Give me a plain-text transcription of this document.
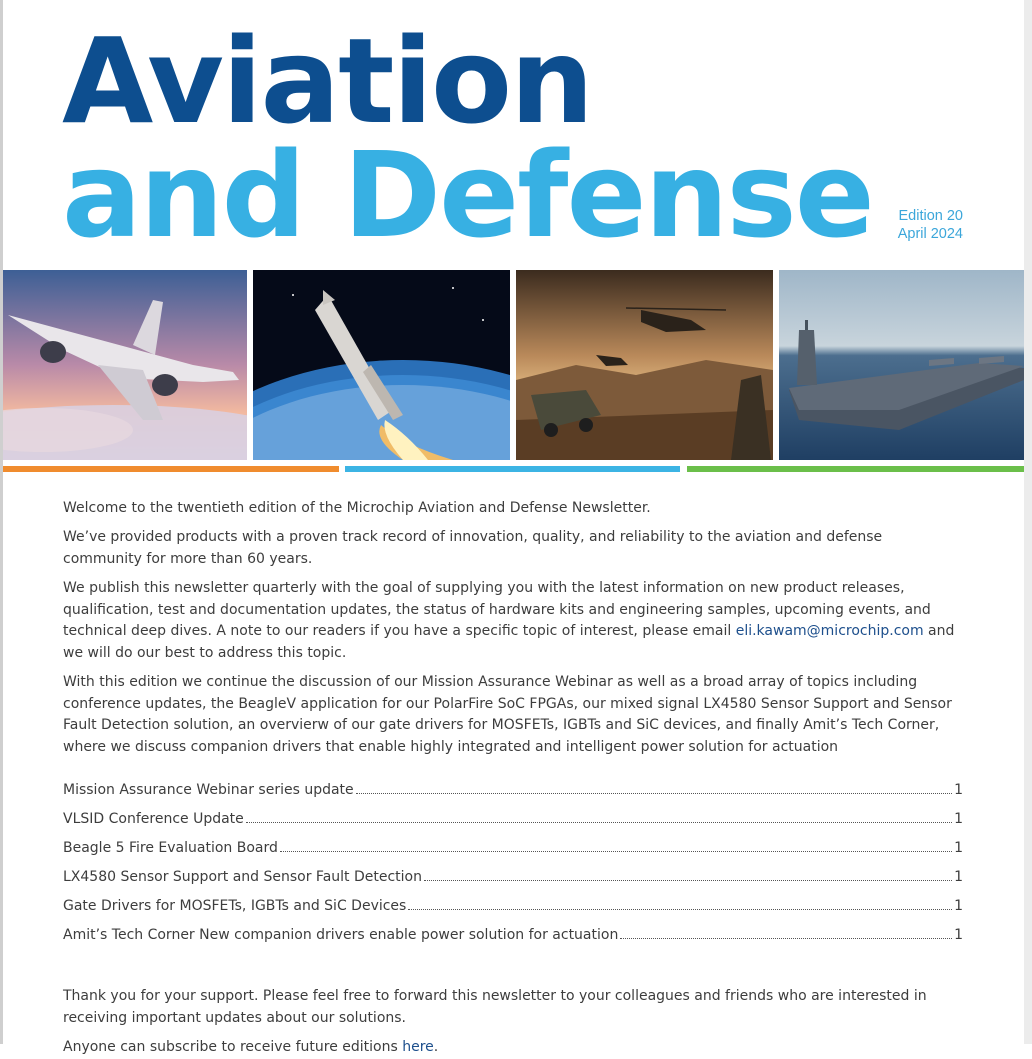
Aviation
and Defense	Edition 20
April 2024

Welcome to the twentieth edition of the Microchip Aviation and Defense Newsletter.

We’ve provided products with a proven track record of innovation, quality, and reliability to the aviation and defense community for more than 60 years.

We publish this newsletter quarterly with the goal of supplying you with the latest information on new product releases, qualification, test and documentation updates, the status of hardware kits and engineering samples, upcoming events, and technical deep dives. A note to our readers if you have a specific topic of interest, please email eli.kawam@microchip.com and we will do our best to address this topic.

With this edition we continue the discussion of our Mission Assurance Webinar as well as a broad array of topics including conference updates, the BeagleV application for our PolarFire SoC FPGAs, our mixed signal LX4580 Sensor Support and Sensor Fault Detection solution, an overvierw of our gate drivers for MOSFETs, IGBTs and SiC devices, and finally Amit’s Tech Corner, where we discuss companion drivers that enable highly integrated and intelligent power solution for actuation

Mission Assurance Webinar series update	1
VLSID Conference Update	1
Beagle 5 Fire Evaluation Board	1
LX4580 Sensor Support and Sensor Fault Detection	1
Gate Drivers for MOSFETs, IGBTs and SiC Devices	1
Amit’s Tech Corner New companion drivers enable power solution for actuation	1

Thank you for your support. Please feel free to forward this newsletter to your colleagues and friends who are interested in receiving important updates about our solutions.

Anyone can subscribe to receive future editions here.
